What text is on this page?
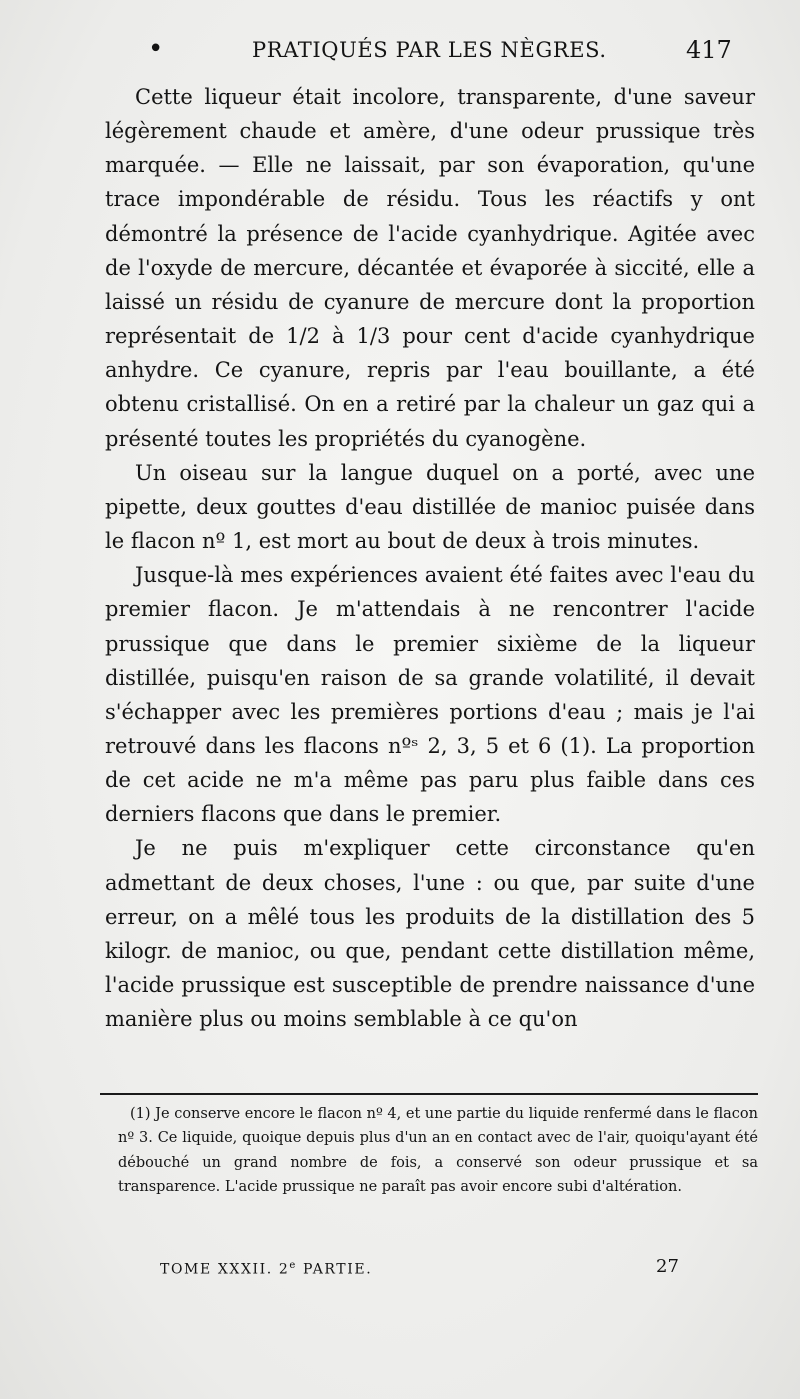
•	PRATIQUÉS PAR LES NÈGRES.	417

Cette liqueur était incolore, transparente, d'une saveur légèrement chaude et amère, d'une odeur prussique très marquée. — Elle ne laissait, par son évaporation, qu'une trace impondérable de résidu. Tous les réactifs y ont démontré la présence de l'acide cyanhydrique. Agitée avec de l'oxyde de mercure, décantée et évaporée à siccité, elle a laissé un résidu de cyanure de mercure dont la proportion représentait de 1/2 à 1/3 pour cent d'acide cyanhydrique anhydre. Ce cyanure, repris par l'eau bouillante, a été obtenu cristallisé. On en a retiré par la chaleur un gaz qui a présenté toutes les propriétés du cyanogène.

Un oiseau sur la langue duquel on a porté, avec une pipette, deux gouttes d'eau distillée de manioc puisée dans le flacon nº 1, est mort au bout de deux à trois minutes.

Jusque-là mes expériences avaient été faites avec l'eau du premier flacon. Je m'attendais à ne rencontrer l'acide prussique que dans le premier sixième de la liqueur distillée, puisqu'en raison de sa grande volatilité, il devait s'échapper avec les premières portions d'eau ; mais je l'ai retrouvé dans les flacons nºˢ 2, 3, 5 et 6 (1). La proportion de cet acide ne m'a même pas paru plus faible dans ces derniers flacons que dans le premier.

Je ne puis m'expliquer cette circonstance qu'en admettant de deux choses, l'une : ou que, par suite d'une erreur, on a mêlé tous les produits de la distillation des 5 kilogr. de manioc, ou que, pendant cette distillation même, l'acide prussique est susceptible de prendre naissance d'une manière plus ou moins semblable à ce qu'on

(1) Je conserve encore le flacon nº 4, et une partie du liquide renfermé dans le flacon nº 3. Ce liquide, quoique depuis plus d'un an en contact avec de l'air, quoiqu'ayant été débouché un grand nombre de fois, a conservé son odeur prussique et sa transparence. L'acide prussique ne paraît pas avoir encore subi d'altération.

TOME XXXII. 2e PARTIE.	27
